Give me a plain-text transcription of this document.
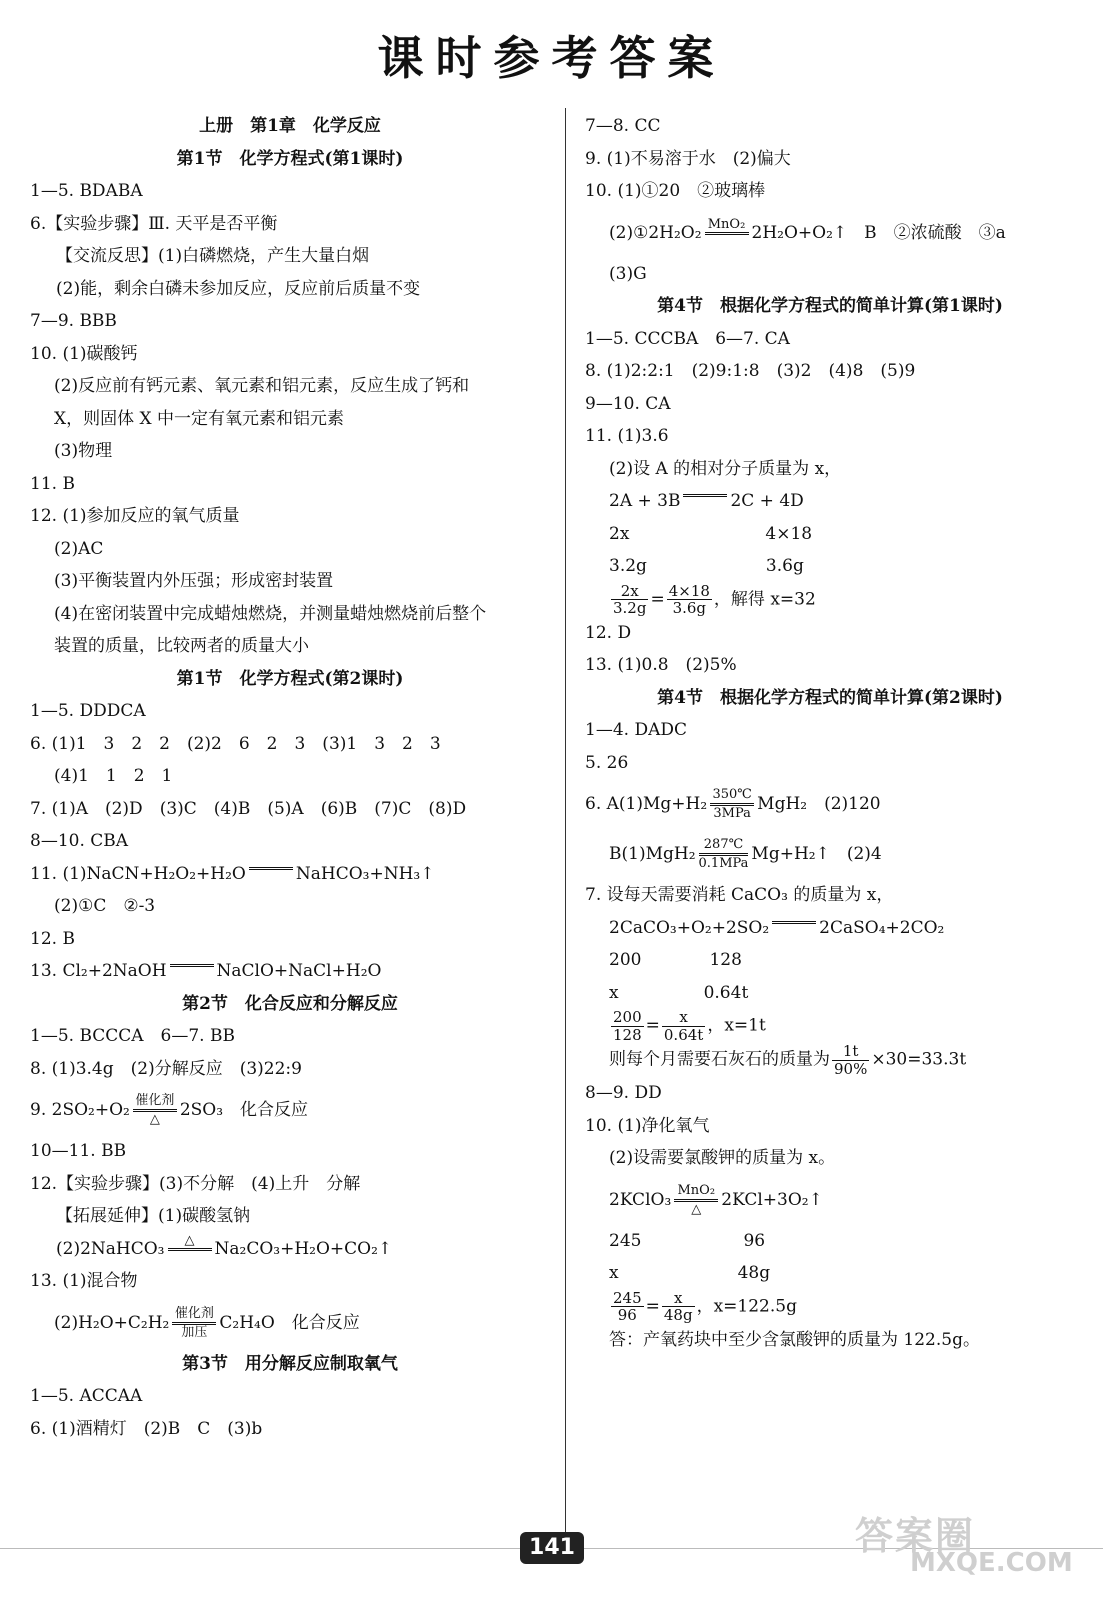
课时参考答案
上册　第1章　化学反应
第1节　化学方程式(第1课时)
1—5. BDABA
6.【实验步骤】Ⅲ. 天平是否平衡
【交流反思】(1)白磷燃烧，产生大量白烟
(2)能，剩余白磷未参加反应，反应前后质量不变
7—9. BBB
10. (1)碳酸钙
(2)反应前有钙元素、氧元素和铝元素，反应生成了钙和
X，则固体 X 中一定有氧元素和铝元素
(3)物理
11. B
12. (1)参加反应的氧气质量
(2)AC
(3)平衡装置内外压强；形成密封装置
(4)在密闭装置中完成蜡烛燃烧，并测量蜡烛燃烧前后整个
装置的质量，比较两者的质量大小
第1节　化学方程式(第2课时)
1—5. DDDCA
6. (1)1　3　2　2　(2)2　6　2　3　(3)1　3　2　3
(4)1　1　2　1
7. (1)A　(2)D　(3)C　(4)B　(5)A　(6)B　(7)C　(8)D
8—10. CBA
11. (1)NaCN+H₂O₂+H₂O	NaHCO₃+NH₃↑
(2)①C　②-3
12. B
13. Cl₂+2NaOH	NaClO+NaCl+H₂O
第2节　化合反应和分解反应
1—5. BCCCA　6—7. BB
8. (1)3.4g　(2)分解反应　(3)22:9
9. 2SO₂+O₂ 催化剂
△	2SO₃　化合反应
10—11. BB
12.【实验步骤】(3)不分解　(4)上升　分解
【拓展延伸】(1)碳酸氢钠
(2)2NaHCO₃	△	Na₂CO₃+H₂O+CO₂↑
13. (1)混合物
(2)H₂O+C₂H₂ 催化剂
加压 C₂H₄O　化合反应
第3节　用分解反应制取氧气
1—5. ACCAA
6. (1)酒精灯　(2)B　C　(3)b
7—8. CC
9. (1)不易溶于水　(2)偏大
10. (1)①20　②玻璃棒
(2)①2H₂O₂ MnO₂ 2H₂O+O₂↑　B　②浓硫酸　③a
(3)G
第4节　根据化学方程式的简单计算(第1课时)
1—5. CCCBA　6—7. CA
8. (1)2:2:1　(2)9:1:8　(3)2　(4)8　(5)9
9—10. CA
11. (1)3.6
(2)设 A 的相对分子质量为 x，
2A + 3B	2C + 4D
2x　　　　　　　　4×18
3.2g　　　　　　　3.6g
$\frac{2x}{3.2g} = \frac{4\times 18}{3.6g}$ ，解得 x=32
12. D
13. (1)0.8　(2)5%
第4节　根据化学方程式的简单计算(第2课时)
1—4. DADC
5. 26
6. A(1)Mg+H₂ 350℃
3MPa MgH₂　(2)120
B(1)MgH₂ 287℃
0.1MPa Mg+H₂↑　(2)4
7. 设每天需要消耗 CaCO₃ 的质量为 x，
2CaCO₃+O₂+2SO₂	2CaSO₄+2CO₂
200　　　　128
x　　　　　0.64t
$\frac{200}{128} = \frac{x}{0.64t}$ ，x=1t
则每个月需要石灰石的质量为 $\frac{1t}{90\%} \times 30=33.3t$
8—9. DD
10. (1)净化氧气
(2)设需要氯酸钾的质量为 x。
2KClO₃ MnO₂
△	2KCl+3O₂↑
245　　　　　　96
x　　　　　　　48g
$\frac{245}{96} = \frac{x}{48g}$ ，x=122.5g
答：产氧药块中至少含氯酸钾的质量为 122.5g。
141	答案圈
MXQE.COM
